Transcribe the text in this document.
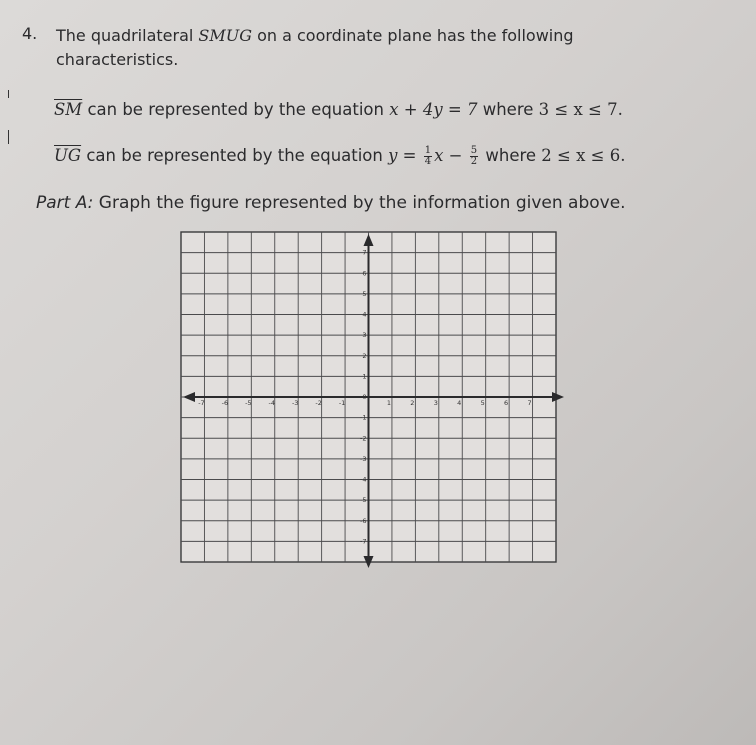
4. The quadrilateral SMUG on a coordinate plane has the following characteristics.
$\overline{SM}$ can be represented by the equation x + 4y = 7 where 3 ≤ x ≤ 7.
$\overline{UG}$ can be represented by the equation $y = \frac{1}{4}$ $x - \frac{5}{2}$ where 2 ≤ x ≤ 6.
Part A: Graph the figure represented by the information given above.
-7	-6	-5	-4	-3	-2	-1	1	2	3	4	5	6	7
7
6
5
4
3
2
1
0
-1
-2
-3
-4
-5
-6
-7
